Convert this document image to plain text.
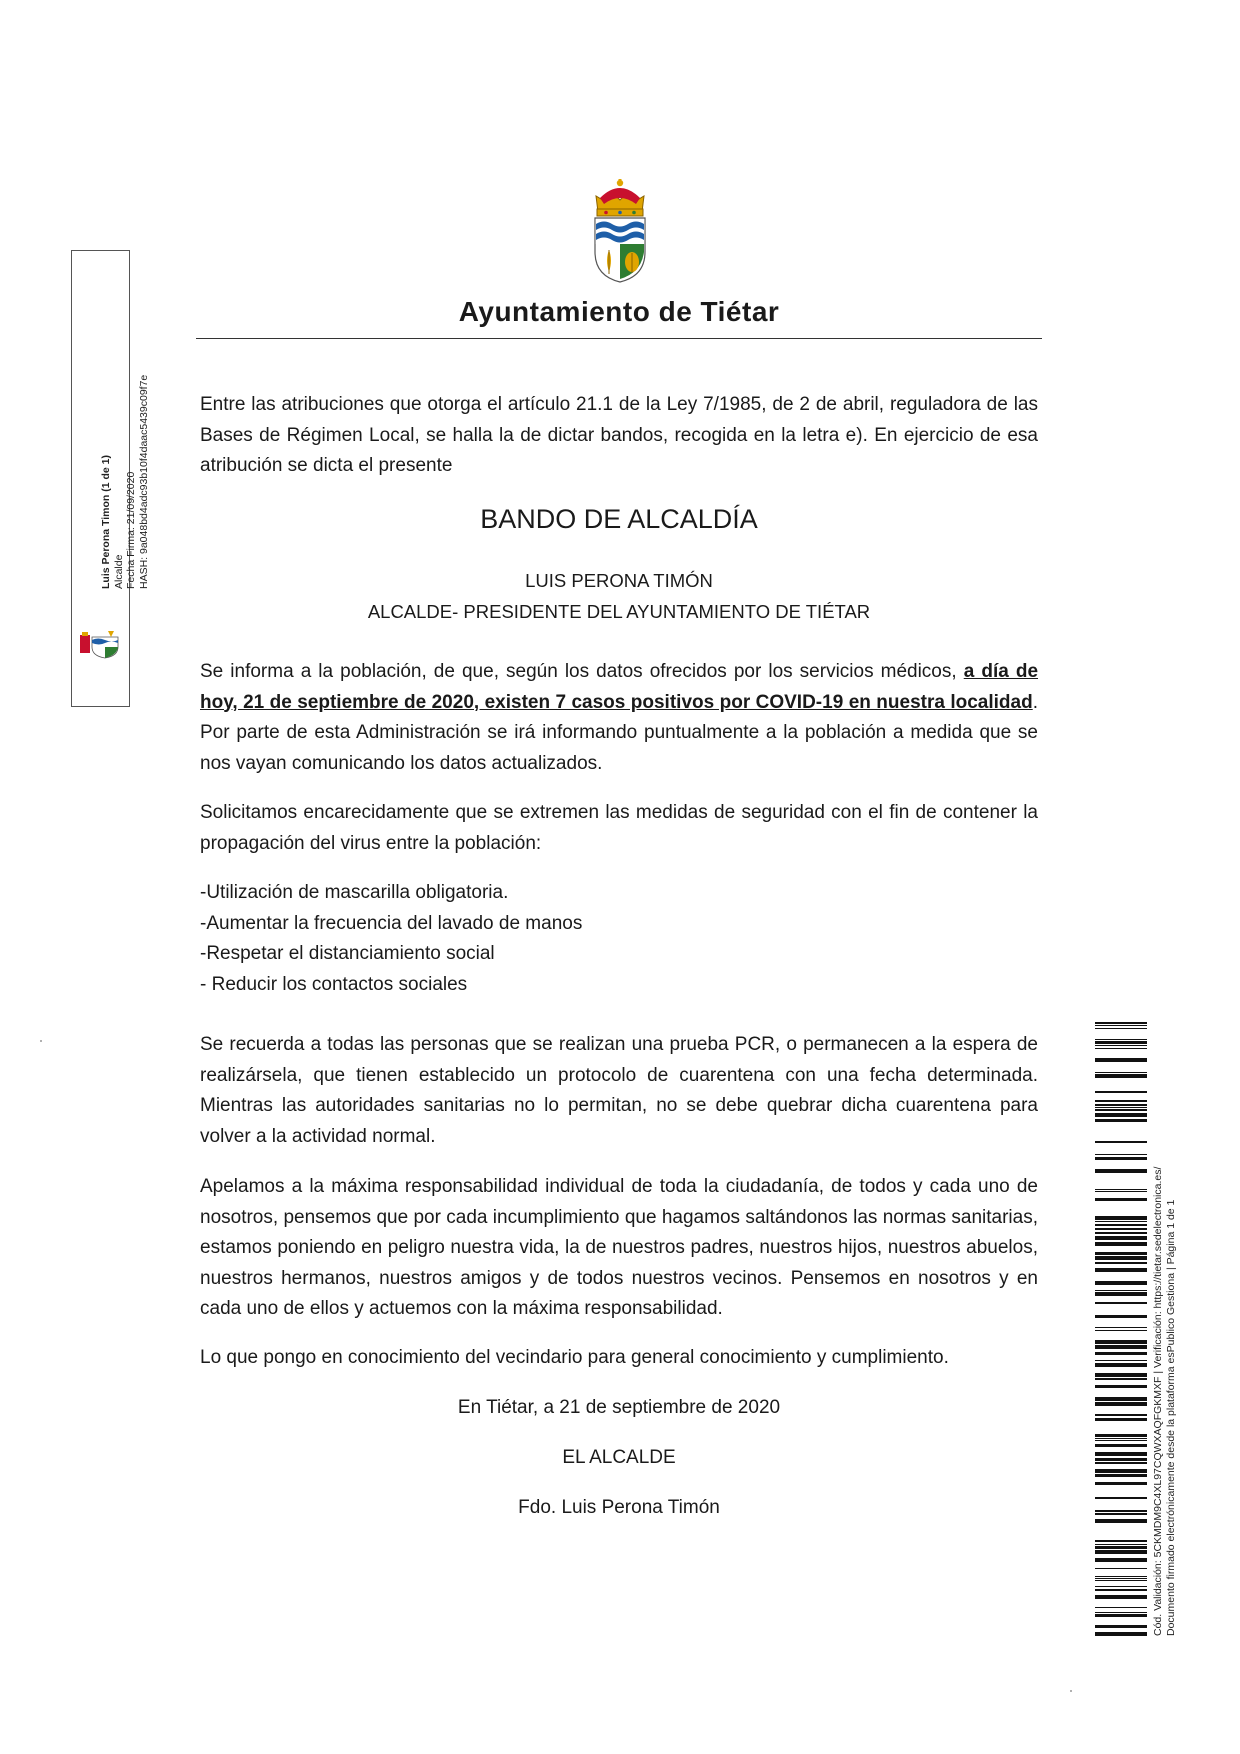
Ayuntamiento de Tiétar

Entre las atribuciones que otorga el artículo 21.1 de la Ley 7/1985, de 2 de abril, reguladora de las Bases de Régimen Local, se halla la de dictar bandos, recogida en la letra e). En ejercicio de esa atribución se dicta el presente

BANDO DE ALCALDÍA
LUIS PERONA TIMÓN
ALCALDE- PRESIDENTE DEL AYUNTAMIENTO DE TIÉTAR

Se informa a la población, de que, según los datos ofrecidos por los servicios médicos, a día de hoy, 21 de septiembre de 2020, existen 7 casos positivos por COVID-19 en nuestra localidad. Por parte de esta Administración se irá informando puntualmente a la población a medida que se nos vayan comunicando los datos actualizados.

Solicitamos encarecidamente que se extremen las medidas de seguridad con el fin de contener la propagación del virus entre la población:

-Utilización de mascarilla obligatoria.
-Aumentar la frecuencia del lavado de manos
-Respetar el distanciamiento social
- Reducir los contactos sociales

Se recuerda a todas las personas que se realizan una prueba PCR, o permanecen a la espera de realizársela, que tienen establecido un protocolo de cuarentena con una fecha determinada. Mientras las autoridades sanitarias no lo permitan, no se debe quebrar dicha cuarentena para volver a la actividad normal.

Apelamos a la máxima responsabilidad individual de toda la ciudadanía, de todos y cada uno de nosotros, pensemos que por cada incumplimiento que hagamos saltándonos las normas sanitarias, estamos poniendo en peligro nuestra vida, la de nuestros padres, nuestros hijos, nuestros abuelos, nuestros hermanos, nuestros amigos y de todos nuestros vecinos. Pensemos en nosotros y en cada uno de ellos y actuemos con la máxima responsabilidad.

Lo que pongo en conocimiento del vecindario para general conocimiento y cumplimiento.
En Tiétar, a 21 de septiembre de 2020
EL ALCALDE
Fdo. Luis Perona Timón
Luis Perona Timon (1 de 1) Alcalde Fecha Firma: 21/09/2020 HASH: 9a048bd4adc93b10f4daac5439c09f7e
Cód. Validación: 5CKMDM9C4XL97CQWXAQFGKMXF | Verificación: https://tietar.sedelectronica.es/ Documento firmado electrónicamente desde la plataforma esPublico Gestiona | Página 1 de 1
